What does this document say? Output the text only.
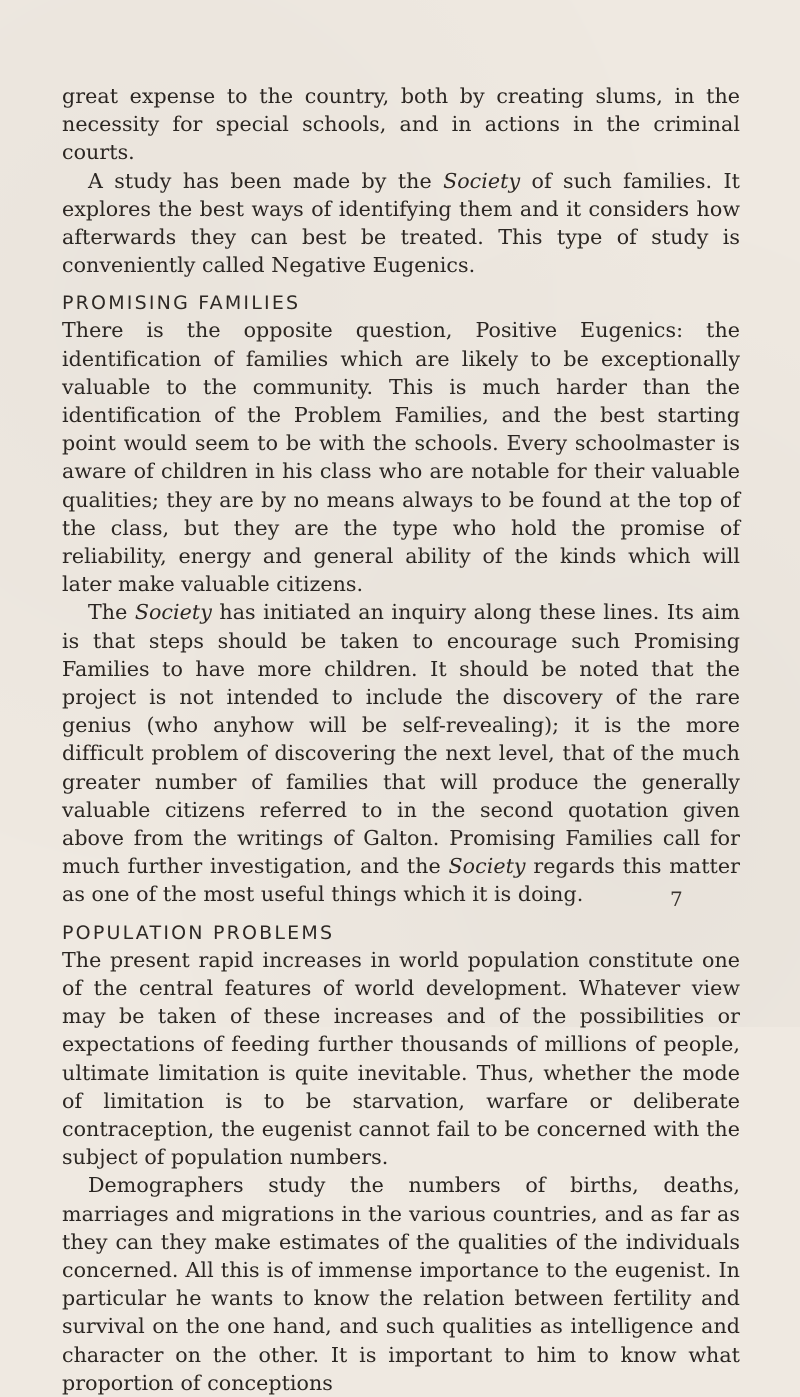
great expense to the country, both by creating slums, in the necessity for special schools, and in actions in the criminal courts.

A study has been made by the Society of such families. It explores the best ways of identifying them and it considers how afterwards they can best be treated. This type of study is conveniently called Negative Eugenics.

PROMISING FAMILIES

There is the opposite question, Positive Eugenics: the identification of families which are likely to be exceptionally valuable to the community. This is much harder than the identification of the Problem Families, and the best starting point would seem to be with the schools. Every schoolmaster is aware of children in his class who are notable for their valuable qualities; they are by no means always to be found at the top of the class, but they are the type who hold the promise of reliability, energy and general ability of the kinds which will later make valuable citizens.

The Society has initiated an inquiry along these lines. Its aim is that steps should be taken to encourage such Promising Families to have more children. It should be noted that the project is not intended to include the discovery of the rare genius (who anyhow will be self-revealing); it is the more difficult problem of discovering the next level, that of the much greater number of families that will produce the generally valuable citizens referred to in the second quotation given above from the writings of Galton. Promising Families call for much further investigation, and the Society regards this matter as one of the most useful things which it is doing.

POPULATION PROBLEMS

The present rapid increases in world population constitute one of the central features of world development. Whatever view may be taken of these increases and of the possibilities or expectations of feeding further thousands of millions of people, ultimate limitation is quite inevitable. Thus, whether the mode of limitation is to be starvation, warfare or deliberate contraception, the eugenist cannot fail to be concerned with the subject of population numbers.

Demographers study the numbers of births, deaths, marriages and migrations in the various countries, and as far as they can they make estimates of the qualities of the individuals concerned. All this is of immense importance to the eugenist. In particular he wants to know the relation between fertility and survival on the one hand, and such qualities as intelligence and character on the other. It is important to him to know what proportion of conceptions

7
